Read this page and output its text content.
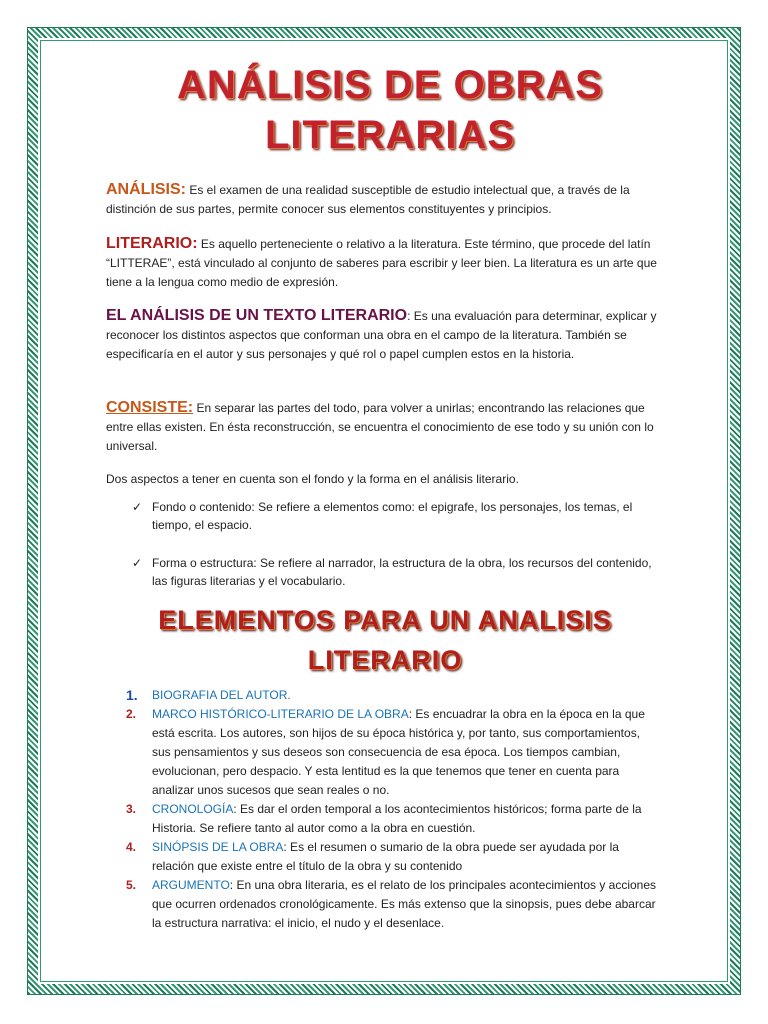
ANÁLISIS DE OBRAS
LITERARIAS
ANÁLISIS: Es el examen de una realidad susceptible de estudio intelectual que, a través de la distinción de sus partes, permite conocer sus elementos constituyentes y principios.
LITERARIO: Es aquello perteneciente o relativo a la literatura. Este término, que procede del latín “LITTERAE”, está vinculado al conjunto de saberes para escribir y leer bien. La literatura es un arte que tiene a la lengua como medio de expresión.
EL ANÁLISIS DE UN TEXTO LITERARIO: Es una evaluación para determinar, explicar y reconocer los distintos aspectos que conforman una obra en el campo de la literatura. También se especificaría en el autor y sus personajes y qué rol o papel cumplen estos en la historia.
CONSISTE: En separar las partes del todo, para volver a unirlas; encontrando las relaciones que entre ellas existen. En ésta reconstrucción, se encuentra el conocimiento de ese todo y su unión con lo universal.
Dos aspectos a tener en cuenta son el fondo y la forma en el análisis literario.
✓ Fondo o contenido: Se refiere a elementos como: el epigrafe, los personajes, los temas, el tiempo, el espacio.
✓ Forma o estructura: Se refiere al narrador, la estructura de la obra, los recursos del contenido, las figuras literarias y el vocabulario.
ELEMENTOS PARA UN ANALISIS
LITERARIO
1. BIOGRAFIA DEL AUTOR.
2. MARCO HISTÓRICO-LITERARIO DE LA OBRA: Es encuadrar la obra en la época en la que está escrita. Los autores, son hijos de su época histórica y, por tanto, sus comportamientos, sus pensamientos y sus deseos son consecuencia de esa época. Los tiempos cambian, evolucionan, pero despacio. Y esta lentitud es la que tenemos que tener en cuenta para analizar unos sucesos que sean reales o no.
3. CRONOLOGÍA: Es dar el orden temporal a los acontecimientos históricos; forma parte de la Historia. Se refiere tanto al autor como a la obra en cuestión.
4. SINÓPSIS DE LA OBRA: Es el resumen o sumario de la obra puede ser ayudada por la relación que existe entre el título de la obra y su contenido
5. ARGUMENTO: En una obra literaria, es el relato de los principales acontecimientos y acciones que ocurren ordenados cronológicamente. Es más extenso que la sinopsis, pues debe abarcar la estructura narrativa: el inicio, el nudo y el desenlace.
